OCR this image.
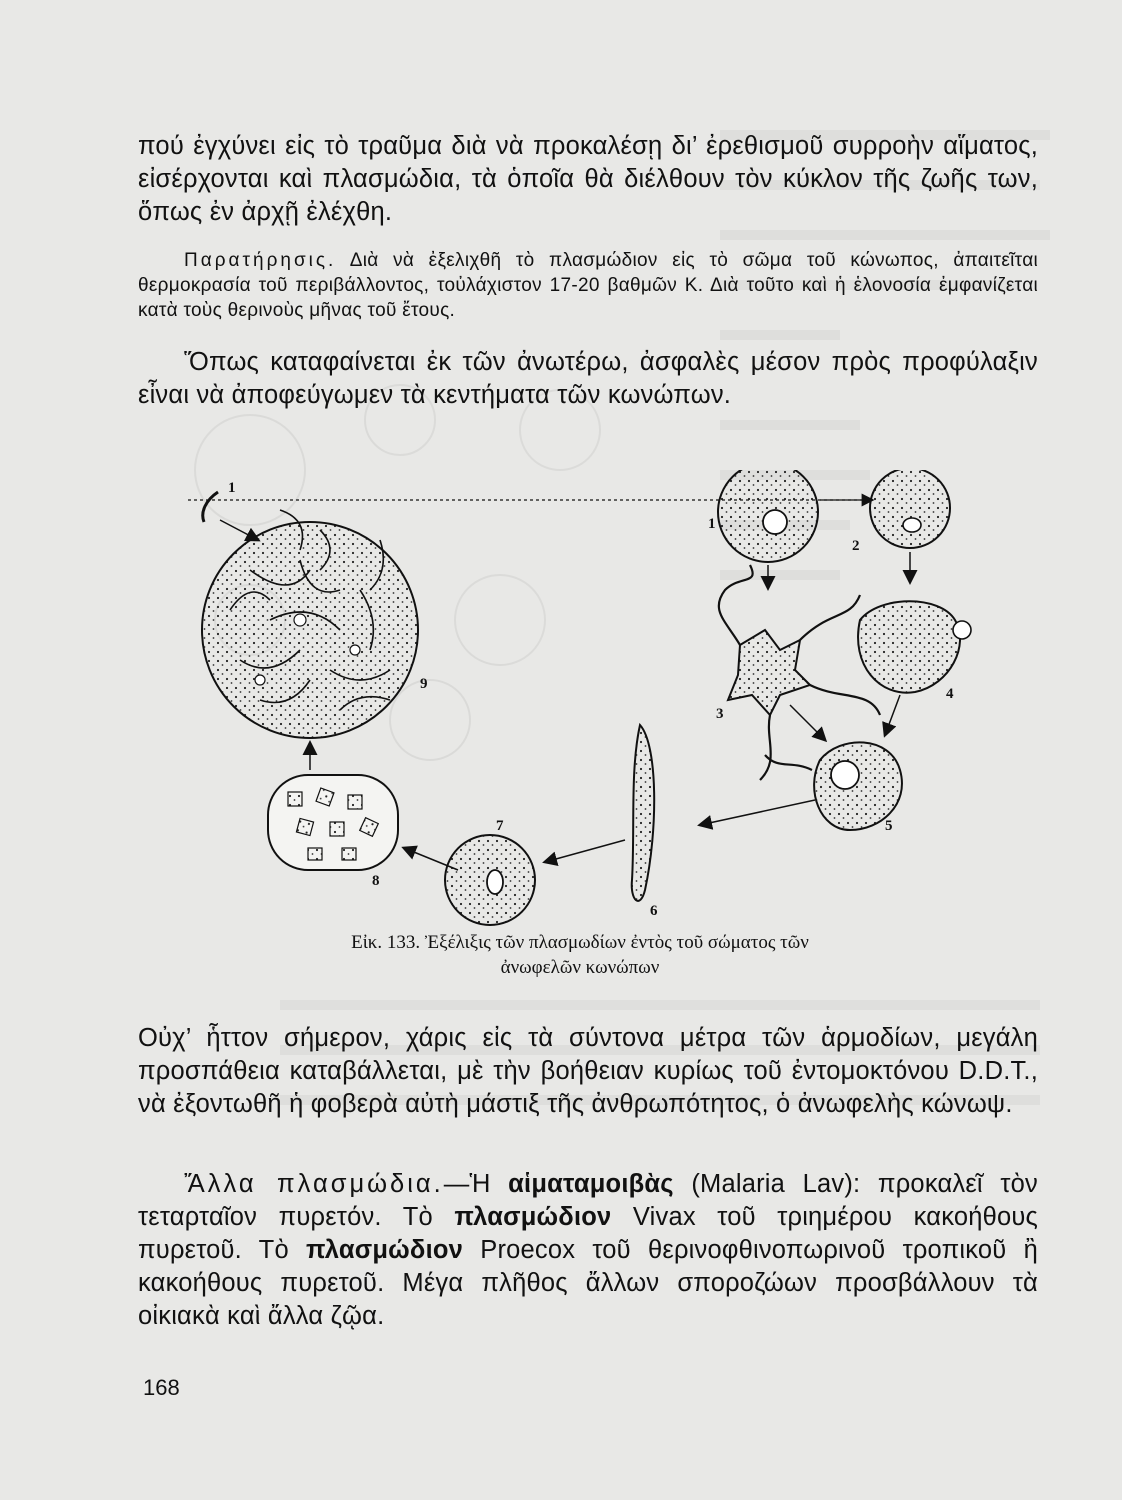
πού ἐγχύνει εἰς τὸ τραῦμα διὰ νὰ προκαλέσῃ δι’ ἐρεθισμοῦ συρροὴν αἵματος, εἰσέρχονται καὶ πλασμώδια, τὰ ὁποῖα θὰ διέλθουν τὸν κύκλον τῆς ζωῆς των, ὅπως ἐν ἀρχῇ ἐλέχθη.

Παρατήρησις. Διὰ νὰ ἐξελιχθῆ τὸ πλασμώδιον εἰς τὸ σῶμα τοῦ κώνωπος, ἀπαιτεῖται θερμοκρασία τοῦ περιβάλλοντος, τοὐλάχιστον 17-20 βαθμῶν Κ. Διὰ τοῦτο καὶ ἡ ἑλονοσία ἐμφανίζεται κατὰ τοὺς θερινοὺς μῆνας τοῦ ἔτους.

Ὅπως καταφαίνεται ἐκ τῶν ἀνωτέρω, ἀσφαλὲς μέσον πρὸς προφύλαξιν εἶναι νὰ ἀποφεύγωμεν τὰ κεντήματα τῶν κωνώπων.

1
1
2
3
4
5
6
7
8
9
Εἰκ. 133. Ἐξέλιξις τῶν πλασμωδίων ἐντὸς τοῦ σώματος τῶν
ἀνωφελῶν κωνώπων

Οὐχ’ ἧττον σήμερον, χάρις εἰς τὰ σύντονα μέτρα τῶν ἁρμοδίων, μεγάλη προσπάθεια καταβάλλεται, μὲ τὴν βοήθειαν κυρίως τοῦ ἐντομοκτόνου D.D.T., νὰ ἐξοντωθῆ ἡ φοβερὰ αὐτὴ μάστιξ τῆς ἀνθρωπότητος, ὁ ἀνωφελὴς κώνωψ.

Ἄλλα πλασμώδια.—Ἡ αἱματαμοιβὰς (Malaria Lav): προκαλεῖ τὸν τεταρταῖον πυρετόν. Τὸ πλασμώδιον Vivax τοῦ τριημέρου κακοήθους πυρετοῦ. Τὸ πλασμώδιον Proecox τοῦ θερινοφθινοπωρινοῦ τροπικοῦ ἢ κακοήθους πυρετοῦ. Μέγα πλῆθος ἄλλων σποροζώων προσβάλλουν τὰ οἰκιακὰ καὶ ἄλλα ζῷα.

168
